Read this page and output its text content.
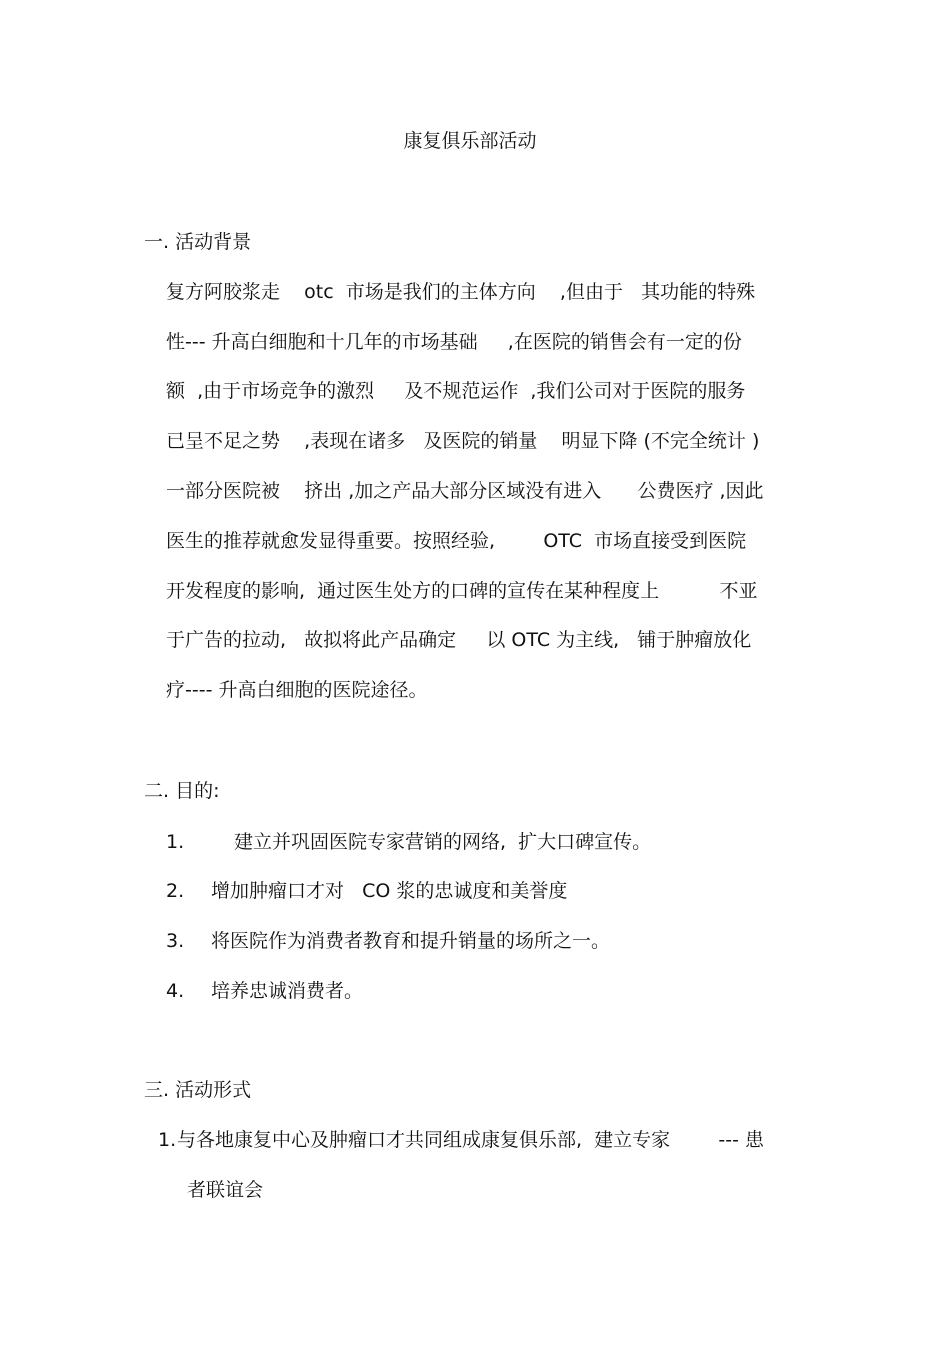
康复俱乐部活动
一. 活动背景
复方阿胶浆走    otc  市场是我们的主体方向    ,但由于   其功能的特殊
性--- 升高白细胞和十几年的市场基础     ,在医院的销售会有一定的份
额  ,由于市场竞争的激烈     及不规范运作  ,我们公司对于医院的服务
已呈不足之势    ,表现在诸多   及医院的销量    明显下降 (不完全统计 )
一部分医院被    挤出 ,加之产品大部分区域没有进入      公费医疗 ,因此
医生的推荐就愈发显得重要。按照经验,        OTC  市场直接受到医院
开发程度的影响,  通过医生处方的口碑的宣传在某种程度上          不亚
于广告的拉动,   故拟将此产品确定     以 OTC 为主线,   铺于肿瘤放化
疗---- 升高白细胞的医院途径。
二. 目的:
1.	建立并巩固医院专家营销的网络,  扩大口碑宣传。
2. 增加肿瘤口才对   CO 浆的忠诚度和美誉度
3. 将医院作为消费者教育和提升销量的场所之一。
4. 培养忠诚消费者。
三. 活动形式
1. 与各地康复中心及肿瘤口才共同组成康复俱乐部,  建立专家        --- 患
者联谊会
